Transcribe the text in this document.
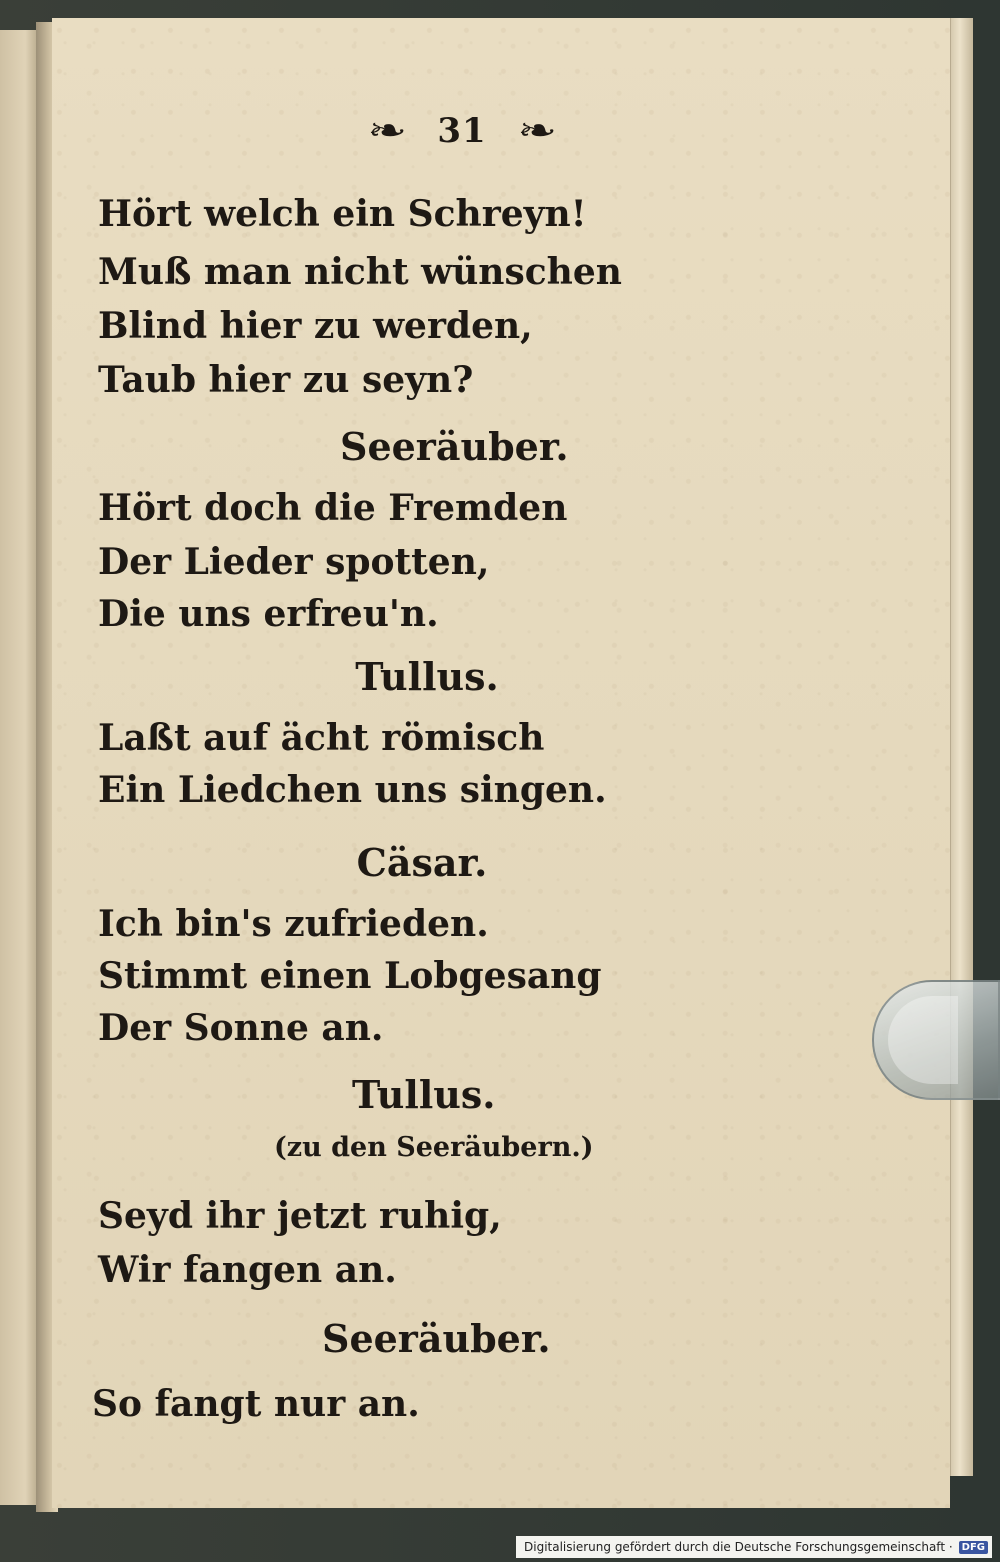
❧ 31 ❧
Hört welch ein Schreyn!
Muß man nicht wünschen
Blind hier zu werden,
Taub hier zu seyn?
Seeräuber.
Hört doch die Fremden
Der Lieder spotten,
Die uns erfreu'n.
Tullus.
Laßt auf ächt römisch
Ein Liedchen uns singen.
Cäsar.
Ich bin's zufrieden.
Stimmt einen Lobgesang
Der Sonne an.
Tullus.
(zu den Seeräubern.)
Seyd ihr jetzt ruhig,
Wir fangen an.
Seeräuber.
So fangt nur an.
Digitalisierung gefördert durch die Deutsche Forschungsgemeinschaft · DFG
